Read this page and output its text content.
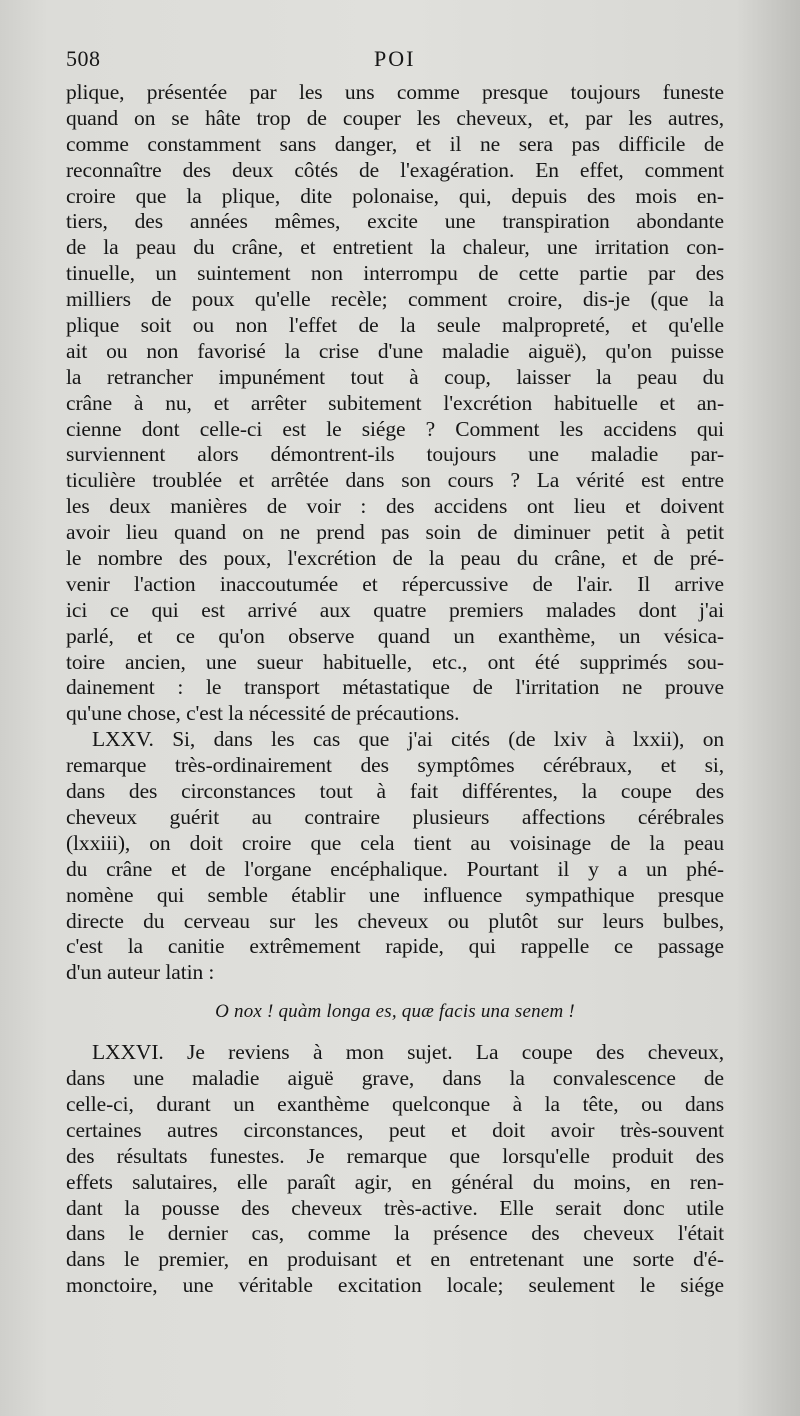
508	POI
plique, présentée par les uns comme presque toujours funeste
quand on se hâte trop de couper les cheveux, et, par les autres,
comme constamment sans danger, et il ne sera pas difficile de
reconnaître des deux côtés de l'exagération. En effet, comment
croire que la plique, dite polonaise, qui, depuis des mois en-
tiers, des années mêmes, excite une transpiration abondante
de la peau du crâne, et entretient la chaleur, une irritation con-
tinuelle, un suintement non interrompu de cette partie par des
milliers de poux qu'elle recèle; comment croire, dis-je (que la
plique soit ou non l'effet de la seule malpropreté, et qu'elle
ait ou non favorisé la crise d'une maladie aiguë), qu'on puisse
la retrancher impunément tout à coup, laisser la peau du
crâne à nu, et arrêter subitement l'excrétion habituelle et an-
cienne dont celle-ci est le siége ? Comment les accidens qui
surviennent alors démontrent-ils toujours une maladie par-
ticulière troublée et arrêtée dans son cours ? La vérité est entre
les deux manières de voir : des accidens ont lieu et doivent
avoir lieu quand on ne prend pas soin de diminuer petit à petit
le nombre des poux, l'excrétion de la peau du crâne, et de pré-
venir l'action inaccoutumée et répercussive de l'air. Il arrive
ici ce qui est arrivé aux quatre premiers malades dont j'ai
parlé, et ce qu'on observe quand un exanthème, un vésica-
toire ancien, une sueur habituelle, etc., ont été supprimés sou-
dainement : le transport métastatique de l'irritation ne prouve
qu'une chose, c'est la nécessité de précautions.
LXXV. Si, dans les cas que j'ai cités (de lxiv à lxxii), on
remarque très-ordinairement des symptômes cérébraux, et si,
dans des circonstances tout à fait différentes, la coupe des
cheveux guérit au contraire plusieurs affections cérébrales
(lxxiii), on doit croire que cela tient au voisinage de la peau
du crâne et de l'organe encéphalique. Pourtant il y a un phé-
nomène qui semble établir une influence sympathique presque
directe du cerveau sur les cheveux ou plutôt sur leurs bulbes,
c'est la canitie extrêmement rapide, qui rappelle ce passage
d'un auteur latin :
O nox ! quàm longa es, quæ facis una senem !
LXXVI. Je reviens à mon sujet. La coupe des cheveux,
dans une maladie aiguë grave, dans la convalescence de
celle-ci, durant un exanthème quelconque à la tête, ou dans
certaines autres circonstances, peut et doit avoir très-souvent
des résultats funestes. Je remarque que lorsqu'elle produit des
effets salutaires, elle paraît agir, en général du moins, en ren-
dant la pousse des cheveux très-active. Elle serait donc utile
dans le dernier cas, comme la présence des cheveux l'était
dans le premier, en produisant et en entretenant une sorte d'é-
monctoire, une véritable excitation locale; seulement le siége
